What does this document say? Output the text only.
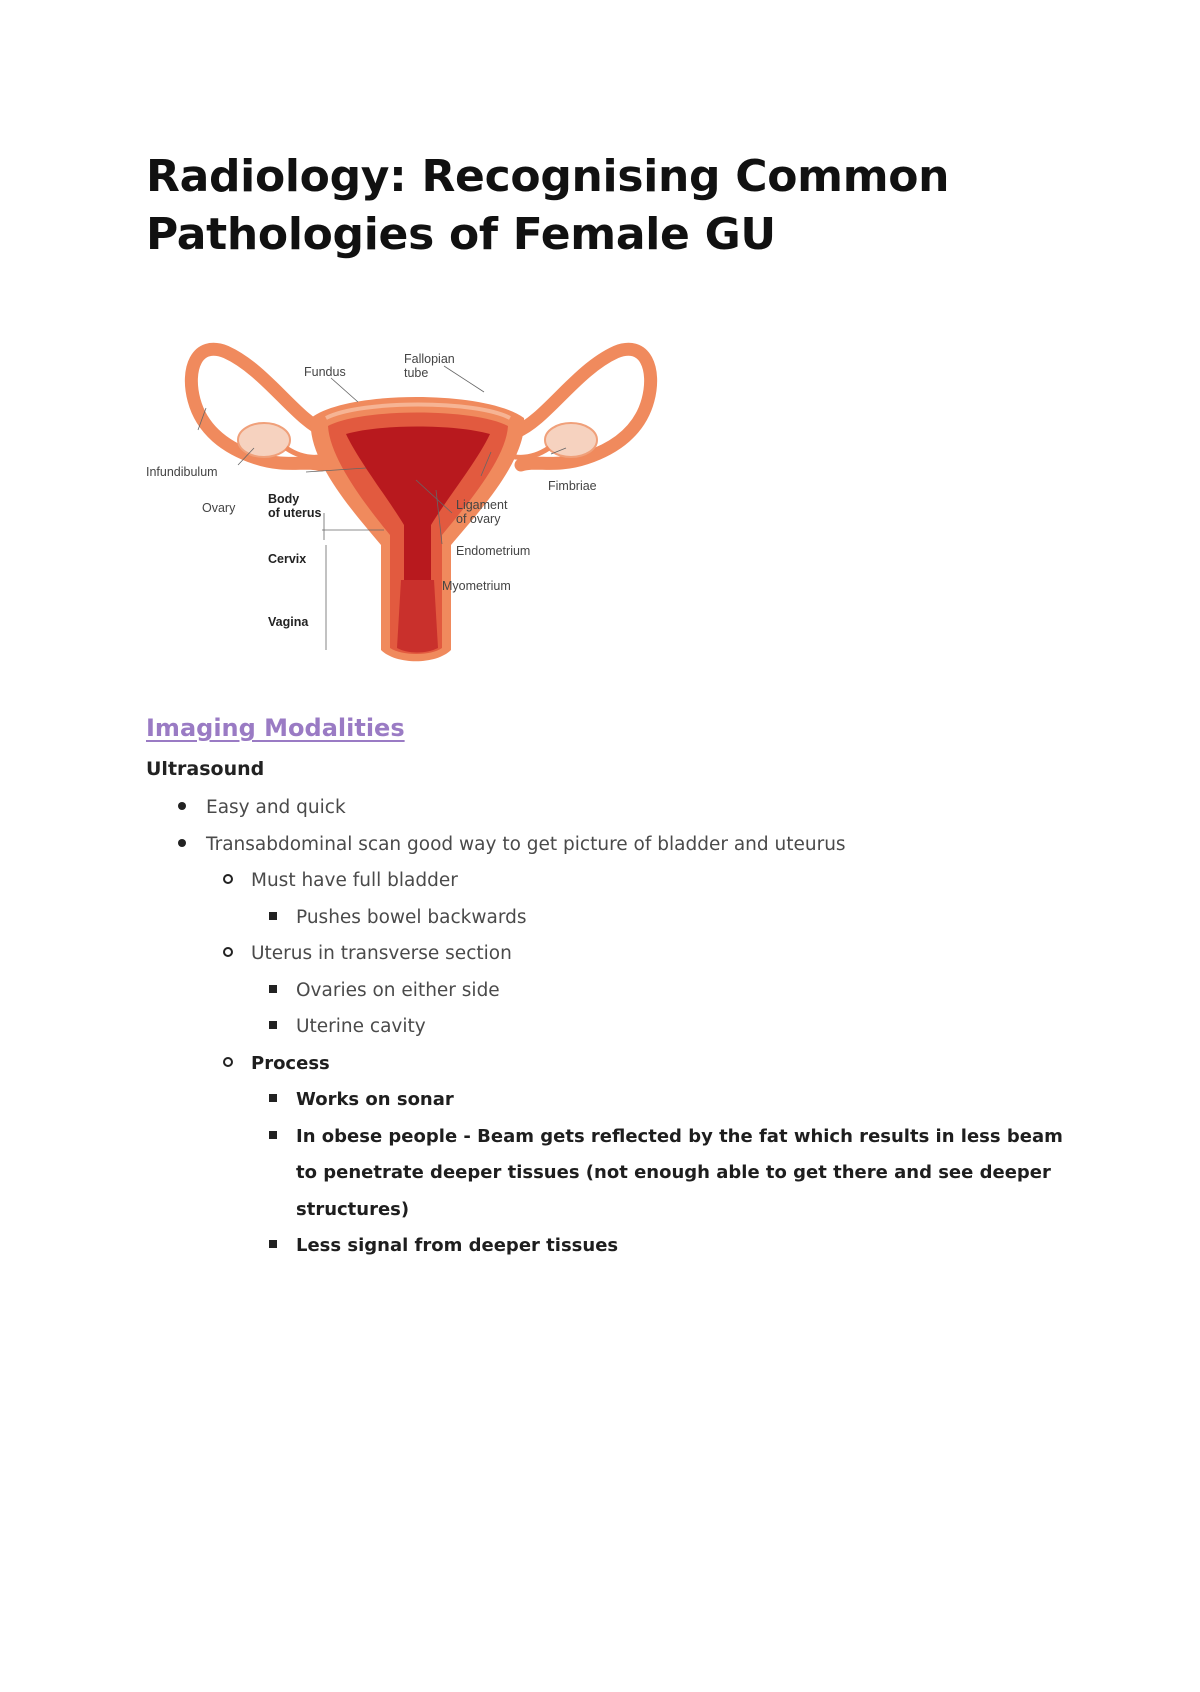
Radiology: Recognising Common Pathologies of Female GU
Fundus
Fallopian
tube
Infundibulum
Ovary
Body
of uterus
Fimbriae
Ligament
of ovary
Endometrium
Cervix
Myometrium
Vagina
Imaging Modalities
Ultrasound
Easy and quick
Transabdominal scan good way to get picture of bladder and uteurus
Must have full bladder
Pushes bowel backwards
Uterus in transverse section
Ovaries on either side
Uterine cavity
Process
Works on sonar
In obese people - Beam gets reflected by the fat which results in less beam to penetrate deeper tissues (not enough able to get there and see deeper structures)
Less signal from deeper tissues
